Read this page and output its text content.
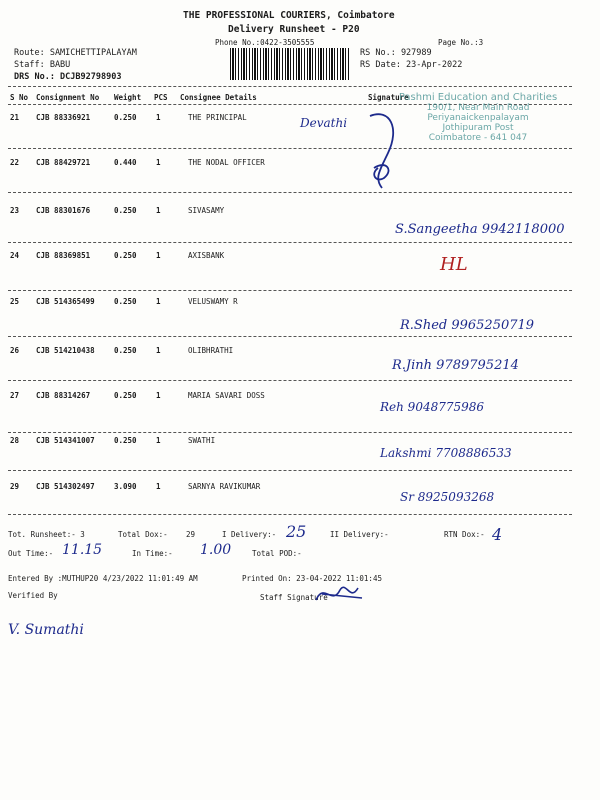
THE PROFESSIONAL COURIERS, Coimbatore
Delivery Runsheet - P20
Phone No.:0422-3505555	Page No.:3
Route: SAMICHETTIPALAYAM
Staff: BABU
DRS No.: DCJB92798903
RS No.: 927989
RS Date: 23-Apr-2022
S No Consignment No Weight PCS Consignee Details	Signature
Pashmi Education and Charities
190/1, Near Main Road
Periyanaickenpalayam
Jothipuram Post
Coimbatore - 641 047
21 CJB 88336921	0.250	1	THE PRINCIPAL	Devathi
22 CJB 88429721	0.440	1	THE NODAL OFFICER
23 CJB 88301676	0.250	1	SIVASAMY
S.Sangeetha 9942118000
24 CJB 88369851	0.250	1	AXISBANK	HL
25 CJB 514365499	0.250	1	VELUSWAMY R
R.Shed 9965250719
26 CJB 514210438	0.250	1	OLIBHRATHI
R.Jinh 9789795214
27 CJB 88314267	0.250	1	MARIA SAVARI DOSS
Reh 9048775986
28 CJB 514341007	0.250	1	SWATHI
Lakshmi 7708886533
29 CJB 514302497	3.090	1	SARNYA RAVIKUMAR
Sr 8925093268
Tot. Runsheet:- 3	Total Dox:- 29	I Delivery:- 25	II Delivery:-	RTN Dox:- 4
Out Time:- 11.15	In Time:- 1.00	Total POD:-
Entered By :MUTHUP20 4/23/2022 11:01:49 AM	Printed On: 23-04-2022 11:01:45
Verified By	Staff Signature
V. Sumathi
